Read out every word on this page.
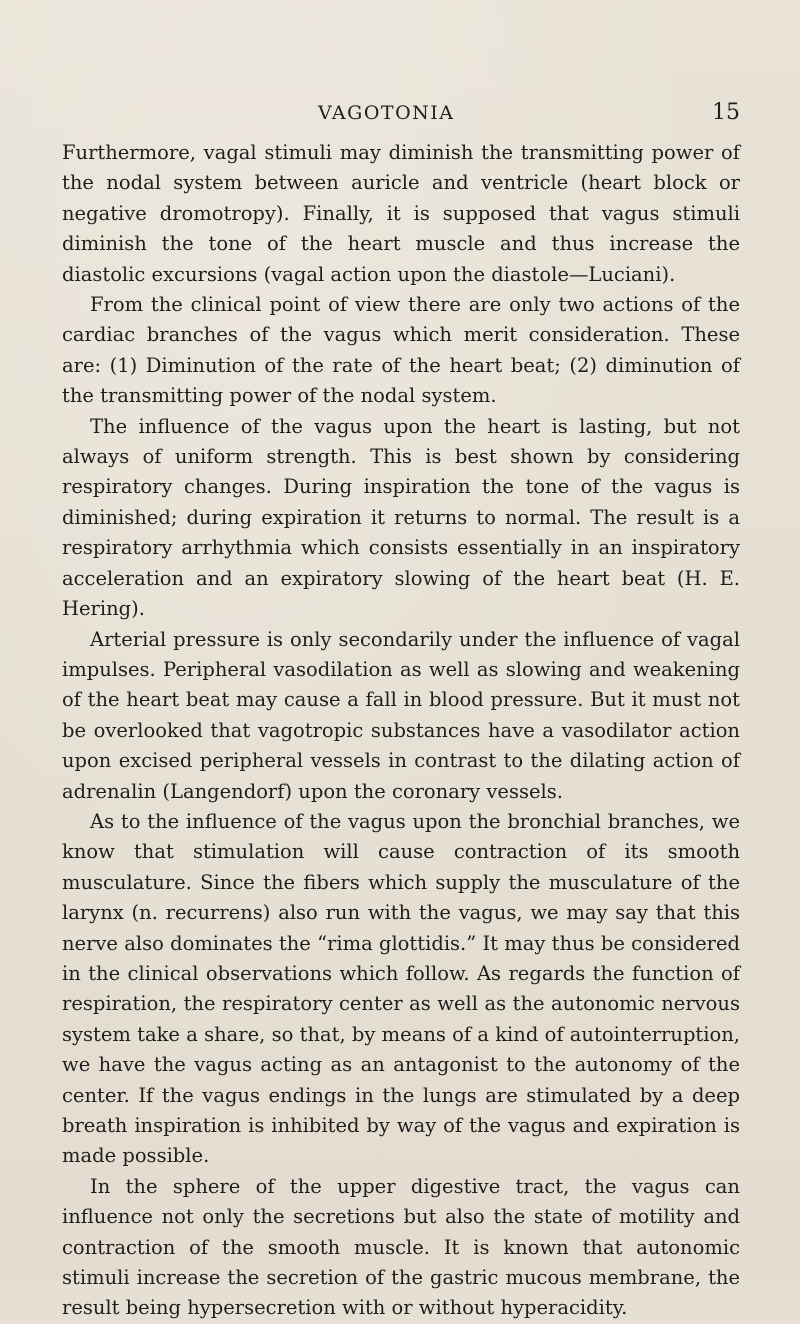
VAGOTONIA	15

Furthermore, vagal stimuli may diminish the transmitting power of the nodal system between auricle and ventricle (heart block or negative dromotropy). Finally, it is supposed that vagus stimuli diminish the tone of the heart muscle and thus increase the diastolic excursions (vagal action upon the diastole—Luciani).

From the clinical point of view there are only two actions of the cardiac branches of the vagus which merit consideration. These are: (1) Diminution of the rate of the heart beat; (2) diminution of the transmitting power of the nodal system.

The influence of the vagus upon the heart is lasting, but not always of uniform strength. This is best shown by considering respiratory changes. During inspiration the tone of the vagus is diminished; during expiration it returns to normal. The result is a respiratory arrhythmia which consists essentially in an inspiratory acceleration and an expiratory slowing of the heart beat (H. E. Hering).

Arterial pressure is only secondarily under the influence of vagal impulses. Peripheral vasodilation as well as slowing and weakening of the heart beat may cause a fall in blood pressure. But it must not be overlooked that vagotropic substances have a vasodilator action upon excised peripheral vessels in contrast to the dilating action of adrenalin (Langendorf) upon the coronary vessels.

As to the influence of the vagus upon the bronchial branches, we know that stimulation will cause contraction of its smooth musculature. Since the fibers which supply the musculature of the larynx (n. recurrens) also run with the vagus, we may say that this nerve also dominates the “rima glottidis.” It may thus be considered in the clinical observations which follow. As regards the function of respiration, the respiratory center as well as the autonomic nervous system take a share, so that, by means of a kind of autointerruption, we have the vagus acting as an antagonist to the autonomy of the center. If the vagus endings in the lungs are stimulated by a deep breath inspiration is inhibited by way of the vagus and expiration is made possible.

In the sphere of the upper digestive tract, the vagus can influence not only the secretions but also the state of motility and contraction of the smooth muscle. It is known that autonomic stimuli increase the secretion of the gastric mucous membrane, the result being hypersecretion with or without hyperacidity.
